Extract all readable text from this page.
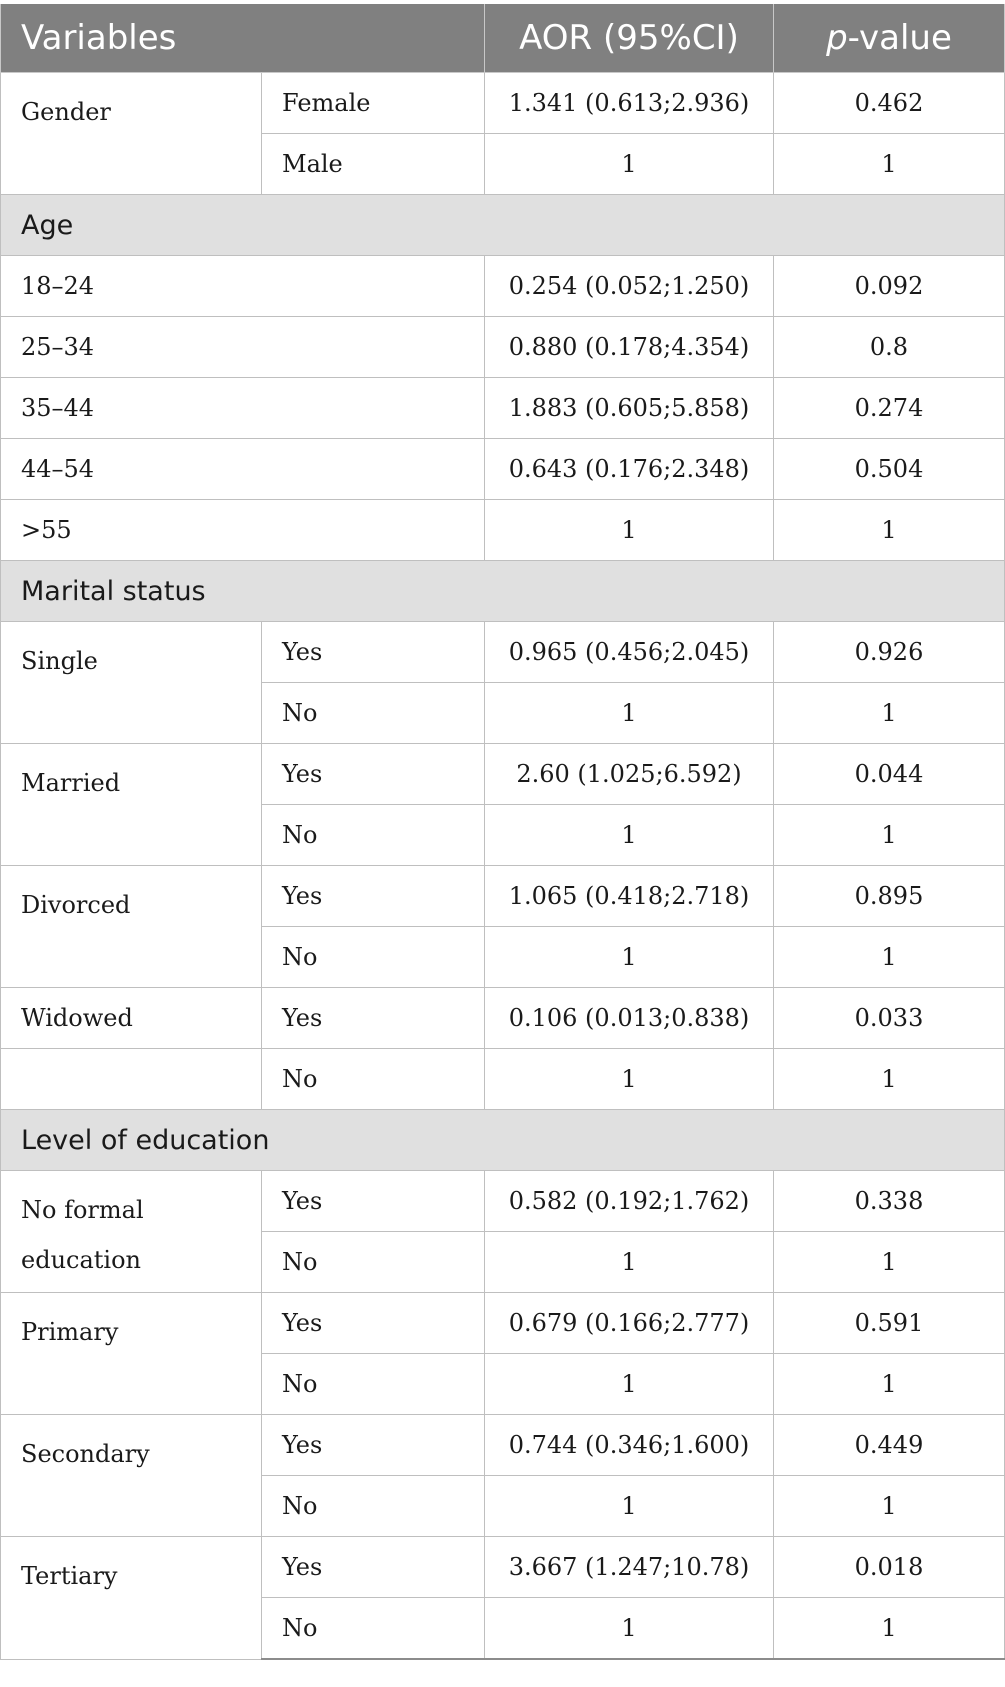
Variables		AOR (95%CI)	p-value
Gender	Female	1.341 (0.613;2.936)	0.462
	Male	1	1
Age			
18–24		0.254 (0.052;1.250)	0.092
25–34		0.880 (0.178;4.354)	0.8
35–44		1.883 (0.605;5.858)	0.274
44–54		0.643 (0.176;2.348)	0.504
>55		1	1
Marital status			
Single	Yes	0.965 (0.456;2.045)	0.926
	No	1	1
Married	Yes	2.60 (1.025;6.592)	0.044
	No	1	1
Divorced	Yes	1.065 (0.418;2.718)	0.895
	No	1	1
Widowed	Yes	0.106 (0.013;0.838)	0.033
	No	1	1
Level of education			
No formal education	Yes	0.582 (0.192;1.762)	0.338
	No	1	1
Primary	Yes	0.679 (0.166;2.777)	0.591
	No	1	1
Secondary	Yes	0.744 (0.346;1.600)	0.449
	No	1	1
Tertiary	Yes	3.667 (1.247;10.78)	0.018
	No	1	1
